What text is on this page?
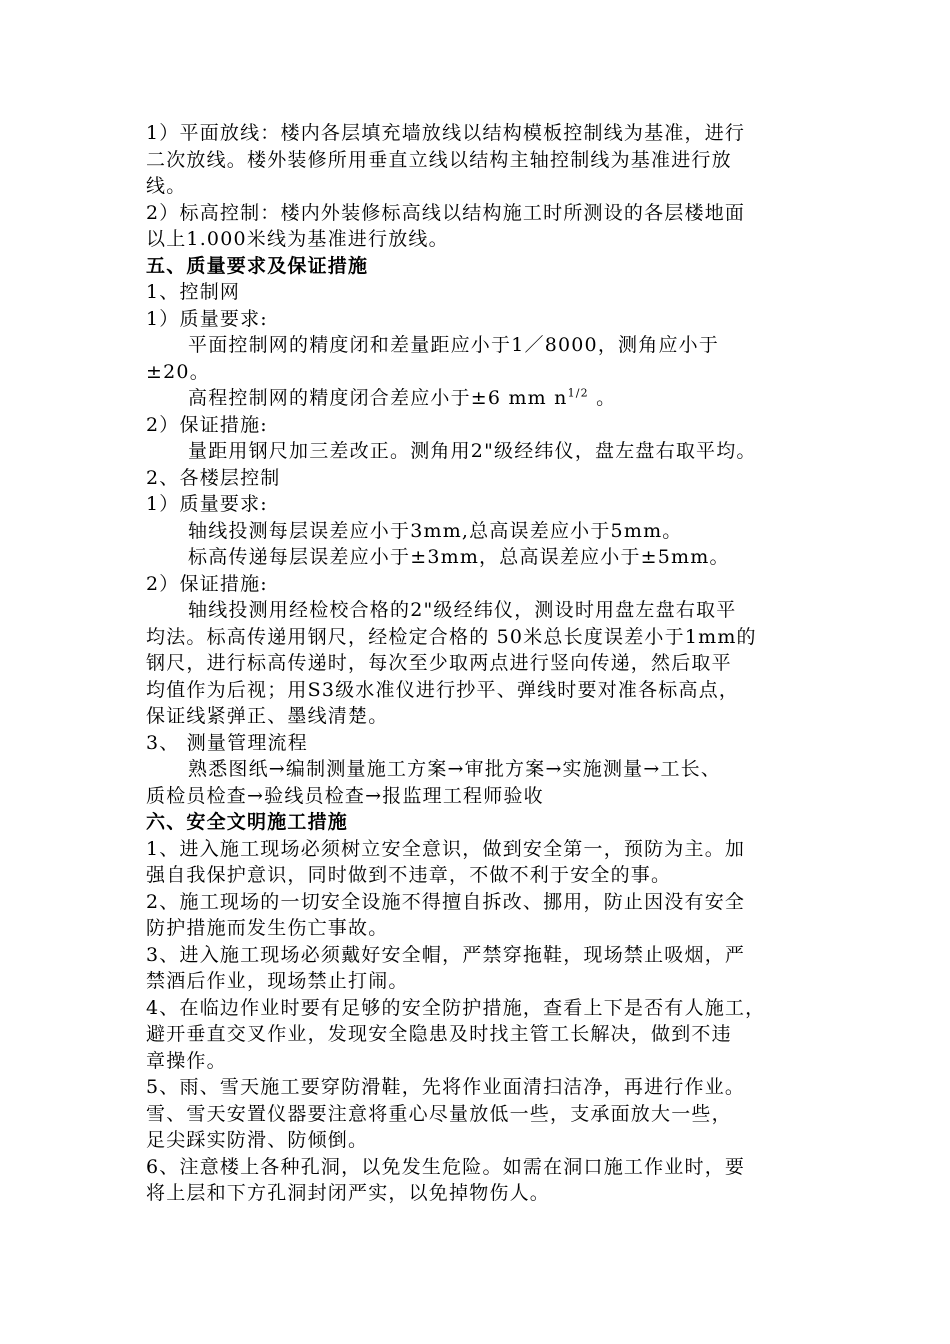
1）平面放线：楼内各层填充墙放线以结构模板控制线为基准，进行
二次放线。楼外装修所用垂直立线以结构主轴控制线为基准进行放
线。
2）标高控制：楼内外装修标高线以结构施工时所测设的各层楼地面
以上1.000米线为基准进行放线。
五、质量要求及保证措施
1、控制网
1）质量要求:
平面控制网的精度闭和差量距应小于1／8000，测角应小于
±20。
高程控制网的精度闭合差应小于±6 mm $n^{1/2}$ 。
2）保证措施:
量距用钢尺加三差改正。测角用2"级经纬仪，盘左盘右取平均。
2、各楼层控制
1）质量要求:
轴线投测每层误差应小于3mm,总高误差应小于5mm。
标高传递每层误差应小于±3mm，总高误差应小于±5mm。
2）保证措施:
轴线投测用经检校合格的2"级经纬仪，测设时用盘左盘右取平
均法。标高传递用钢尺，经检定合格的 50米总长度误差小于1mm的
钢尺，进行标高传递时，每次至少取两点进行竖向传递，然后取平
均值作为后视；用S3级水准仪进行抄平、弹线时要对准各标高点，
保证线紧弹正、墨线清楚。
3、 测量管理流程
熟悉图纸→编制测量施工方案→审批方案→实施测量→工长、
质检员检查→验线员检查→报监理工程师验收
六、安全文明施工措施
1、进入施工现场必须树立安全意识，做到安全第一，预防为主。加
强自我保护意识，同时做到不违章，不做不利于安全的事。
2、施工现场的一切安全设施不得擅自拆改、挪用，防止因没有安全
防护措施而发生伤亡事故。
3、进入施工现场必须戴好安全帽，严禁穿拖鞋，现场禁止吸烟，严
禁酒后作业，现场禁止打闹。
4、在临边作业时要有足够的安全防护措施，查看上下是否有人施工，
避开垂直交叉作业，发现安全隐患及时找主管工长解决，做到不违
章操作。
5、雨、雪天施工要穿防滑鞋，先将作业面清扫洁净，再进行作业。
雪、雪天安置仪器要注意将重心尽量放低一些，支承面放大一些，
足尖踩实防滑、防倾倒。
6、注意楼上各种孔洞，以免发生危险。如需在洞口施工作业时，要
将上层和下方孔洞封闭严实，以免掉物伤人。
